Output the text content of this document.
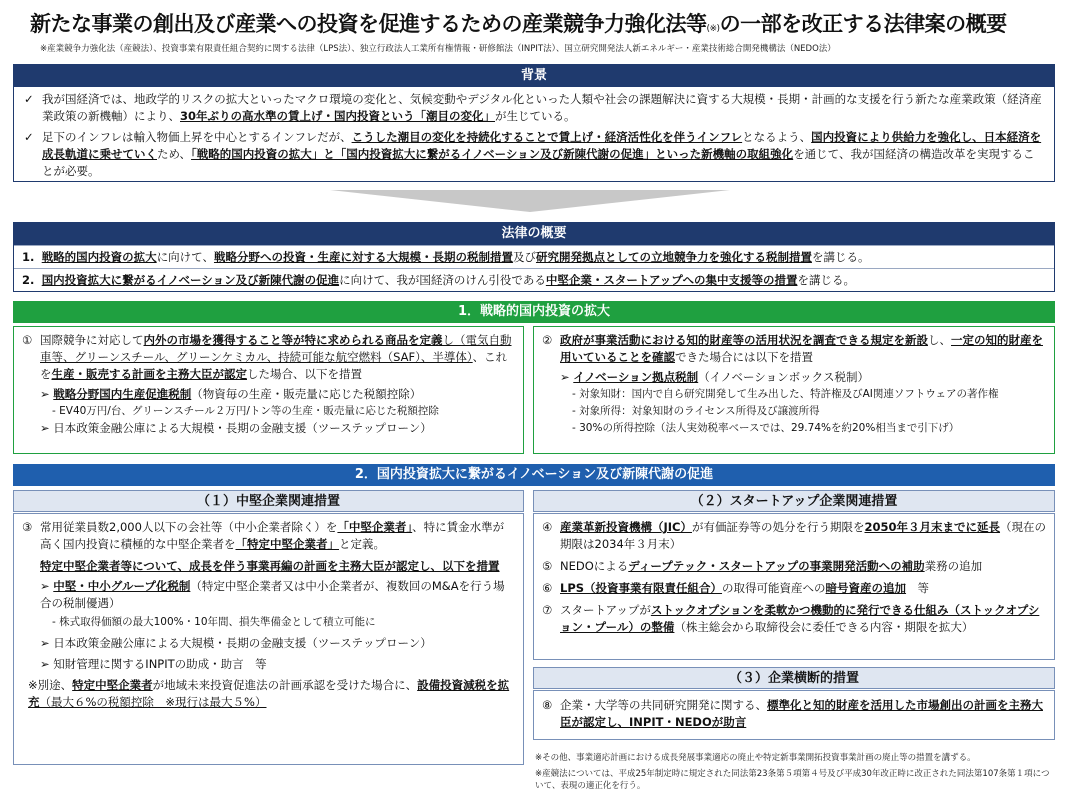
新たな事業の創出及び産業への投資を促進するための産業競争力強化法等(※)の一部を改正する法律案の概要
※産業競争力強化法（産競法）、投資事業有限責任組合契約に関する法律（LPS法）、独立行政法人工業所有権情報・研修館法（INPIT法）、国立研究開発法人新エネルギー・産業技術総合開発機構法（NEDO法）
背景
✓ 我が国経済では、地政学的リスクの拡大といったマクロ環境の変化と、気候変動やデジタル化といった人類や社会の課題解決に資する大規模・長期・計画的な支援を行う新たな産業政策（経済産業政策の新機軸）により、30年ぶりの高水準の賃上げ・国内投資という「潮目の変化」が生じている。
✓ 足下のインフレは輸入物価上昇を中心とするインフレだが、こうした潮目の変化を持続化することで賃上げ・経済活性化を伴うインフレとなるよう、国内投資により供給力を強化し、日本経済を成長軌道に乗せていくため、「戦略的国内投資の拡大」と「国内投資拡大に繋がるイノベーション及び新陳代謝の促進」といった新機軸の取組強化を通じて、我が国経済の構造改革を実現することが必要。
法律の概要
1. 戦略的国内投資の拡大に向けて、戦略分野への投資・生産に対する大規模・長期の税制措置及び研究開発拠点としての立地競争力を強化する税制措置を講じる。
2. 国内投資拡大に繋がるイノベーション及び新陳代謝の促進に向けて、我が国経済のけん引役である中堅企業・スタートアップへの集中支援等の措置を講じる。
1．戦略的国内投資の拡大
① 国際競争に対応して内外の市場を獲得すること等が特に求められる商品を定義し（電気自動車等、グリーンスチール、グリーンケミカル、持続可能な航空燃料（SAF）、半導体）、これを生産・販売する計画を主務大臣が認定した場合、以下を措置
➢ 戦略分野国内生産促進税制（物資毎の生産・販売量に応じた税額控除）
- EV40万円/台、グリーンスチール２万円/トン等の生産・販売量に応じた税額控除
➢ 日本政策金融公庫による大規模・長期の金融支援（ツーステップローン）
② 政府が事業活動における知的財産等の活用状況を調査できる規定を新設し、一定の知的財産を用いていることを確認できた場合には以下を措置
➢ イノベーション拠点税制（イノベーションボックス税制）
- 対象知財：国内で自ら研究開発して生み出した、特許権及びAI関連ソフトウェアの著作権
- 対象所得：対象知財のライセンス所得及び譲渡所得
- 30%の所得控除（法人実効税率ベースでは、29.74%を約20%相当まで引下げ）
2．国内投資拡大に繋がるイノベーション及び新陳代謝の促進
（１）中堅企業関連措置
③ 常用従業員数2,000人以下の会社等（中小企業者除く）を「中堅企業者」、特に賃金水準が高く国内投資に積極的な中堅企業者を「特定中堅企業者」と定義。
特定中堅企業者等について、成長を伴う事業再編の計画を主務大臣が認定し、以下を措置
➢ 中堅・中小グループ化税制（特定中堅企業者又は中小企業者が、複数回のM&Aを行う場合の税制優遇）
- 株式取得価額の最大100%・10年間、損失準備金として積立可能に
➢ 日本政策金融公庫による大規模・長期の金融支援（ツーステップローン）
➢ 知財管理に関するINPITの助成・助言　等
※別途、特定中堅企業者が地域未来投資促進法の計画承認を受けた場合に、設備投資減税を拡充（最大６%の税額控除　※現行は最大５%）
（２）スタートアップ企業関連措置
④ 産業革新投資機構（JIC）が有価証券等の処分を行う期限を2050年３月末までに延長（現在の期限は2034年３月末）
⑤ NEDOによるディープテック・スタートアップの事業開発活動への補助業務の追加
⑥ LPS（投資事業有限責任組合）の取得可能資産への暗号資産の追加　等
⑦ スタートアップがストックオプションを柔軟かつ機動的に発行できる仕組み（ストックオプション・プール）の整備（株主総会から取締役会に委任できる内容・期限を拡大）
（３）企業横断的措置
⑧ 企業・大学等の共同研究開発に関する、標準化と知的財産を活用した市場創出の計画を主務大臣が認定し、INPIT・NEDOが助言
※その他、事業適応計画における成長発展事業適応の廃止や特定新事業開拓投資事業計画の廃止等の措置を講ずる。
※産競法については、平成25年制定時に規定された同法第23条第５項第４号及び平成30年改正時に改正された同法第107条第１項について、表現の適正化を行う。
